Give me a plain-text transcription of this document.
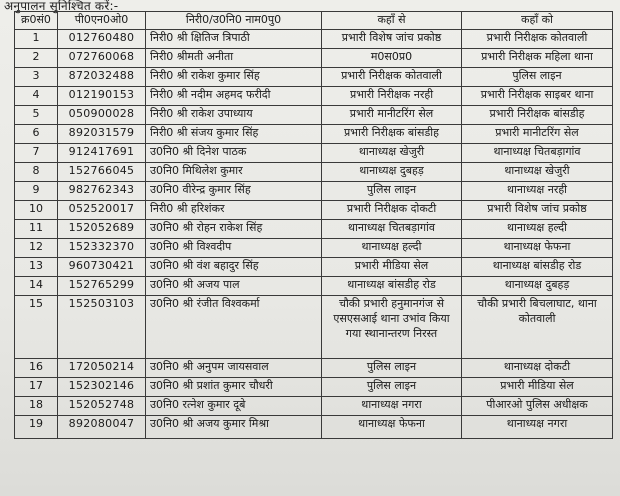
अनुपालन सुनिश्चित करें:-
क्र0सं0	पी0एन0ओ0	निरी0/उ0नि0 नाम0पु0	कहाँ से	कहाँ को
1	012760480	निरी0 श्री क्षितिज त्रिपाठी	प्रभारी विशेष जांच प्रकोष्ठ	प्रभारी निरीक्षक कोतवाली
2	072760068	निरी0 श्रीमती अनीता	म0स0प्र0	प्रभारी निरीक्षक महिला थाना
3	872032488	निरी0 श्री राकेश कुमार सिंह	प्रभारी निरीक्षक कोतवाली	पुलिस लाइन
4	012190153	निरी0 श्री नदीम अहमद फरीदी	प्रभारी निरीक्षक नरही	प्रभारी निरीक्षक साइबर थाना
5	050900028	निरी0 श्री राकेश उपाध्याय	प्रभारी मानीटरिंग सेल	प्रभारी निरीक्षक बांसडीह
6	892031579	निरी0 श्री संजय कुमार सिंह	प्रभारी निरीक्षक बांसडीह	प्रभारी मानीटरिंग सेल
7	912417691	उ0नि0 श्री दिनेश पाठक	थानाध्यक्ष खेजुरी	थानाध्यक्ष चितबड़ागांव
8	152766045	उ0नि0 मिथिलेश कुमार	थानाध्यक्ष दुबहड़	थानाध्यक्ष खेजुरी
9	982762343	उ0नि0 वीरेन्द्र कुमार सिंह	पुलिस लाइन	थानाध्यक्ष नरही
10	052520017	निरी0 श्री हरिशंकर	प्रभारी निरीक्षक दोकटी	प्रभारी विशेष जांच प्रकोष्ठ
11	152052689	उ0नि0 श्री रोहन राकेश सिंह	थानाध्यक्ष चितबड़ागांव	थानाध्यक्ष हल्दी
12	152332370	उ0नि0 श्री विश्वदीप	थानाध्यक्ष हल्दी	थानाध्यक्ष फेफना
13	960730421	उ0नि0 श्री वंश बहादुर सिंह	प्रभारी मीडिया सेल	थानाध्यक्ष बांसडीह रोड
14	152765299	उ0नि0 श्री अजय पाल	थानाध्यक्ष बांसडीह रोड	थानाध्यक्ष दुबहड़
15	152503103	उ0नि0 श्री रंजीत विश्वकर्मा	चौकी प्रभारी हनुमानगंज से एसएसआई थाना उभांव किया गया स्थानान्तरण निरस्त	चौकी प्रभारी बिचलाघाट, थाना कोतवाली
16	172050214	उ0नि0 श्री अनुपम जायसवाल	पुलिस लाइन	थानाध्यक्ष दोकटी
17	152302146	उ0नि0 श्री प्रशांत कुमार चौधरी	पुलिस लाइन	प्रभारी मीडिया सेल
18	152052748	उ0नि0 रत्नेश कुमार दूबे	थानाध्यक्ष नगरा	पीआरओ पुलिस अधीक्षक
19	892080047	उ0नि0 श्री अजय कुमार मिश्रा	थानाध्यक्ष फेफना	थानाध्यक्ष नगरा
